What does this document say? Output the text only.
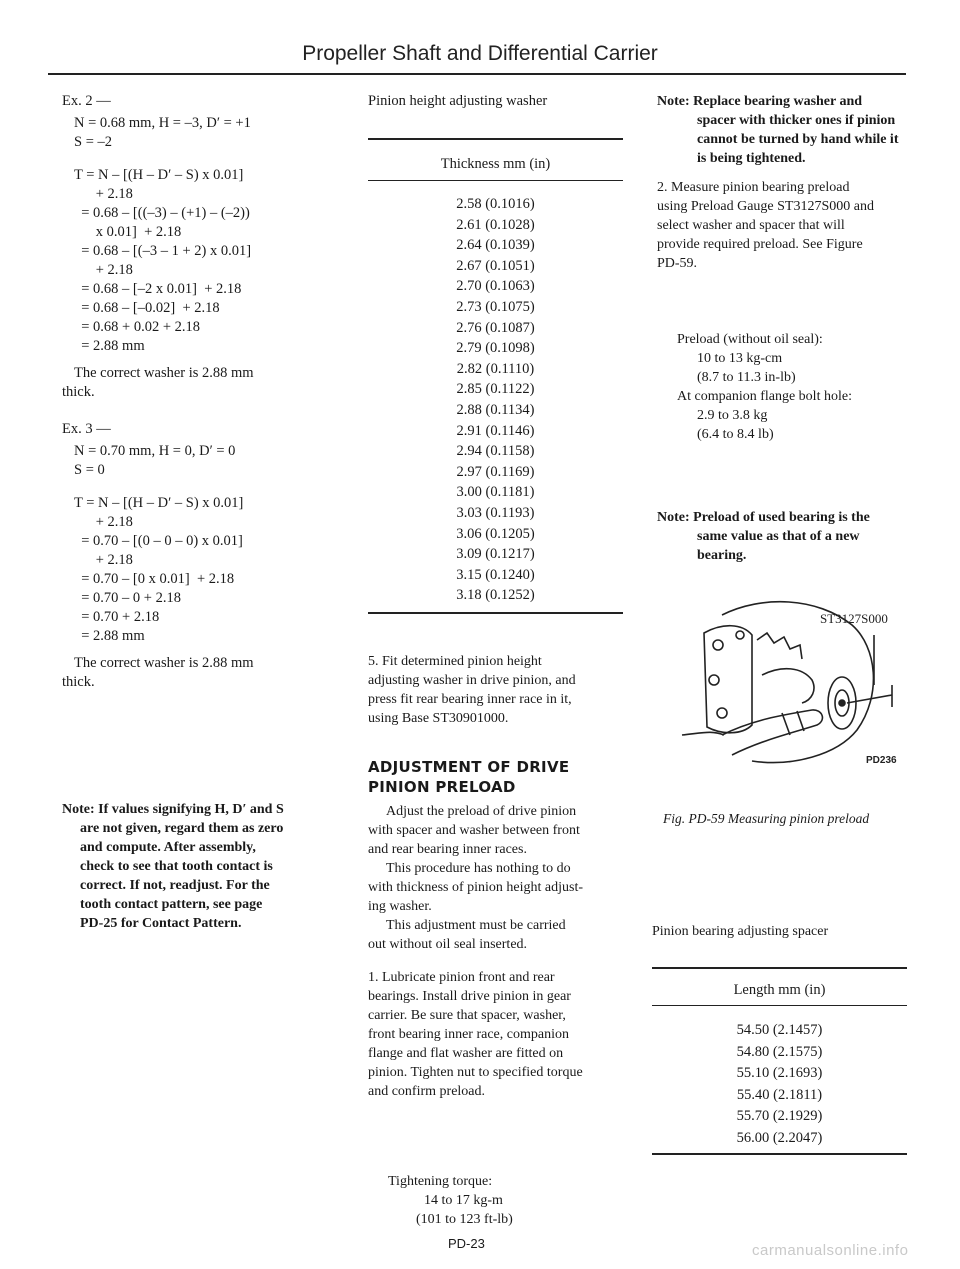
Propeller Shaft and Differential Carrier
Ex. 2 —
N = 0.68 mm, H = –3, D′ = +1
S = –2
T = N – [(H – D′ – S) x 0.01]
+ 2.18
= 0.68 – [((–3) – (+1) – (–2))
x 0.01]  + 2.18
= 0.68 – [(–3 – 1 + 2) x 0.01]
+ 2.18
= 0.68 – [–2 x 0.01]  + 2.18
= 0.68 – [–0.02]  + 2.18
= 0.68 + 0.02 + 2.18
= 2.88 mm
The correct washer is 2.88 mm
thick.
Ex. 3 —
N = 0.70 mm, H = 0, D′ = 0
S = 0
T = N – [(H – D′ – S) x 0.01]
+ 2.18
= 0.70 – [(0 – 0 – 0) x 0.01]
+ 2.18
= 0.70 – [0 x 0.01]  + 2.18
= 0.70 – 0 + 2.18
= 0.70 + 2.18
= 2.88 mm
The correct washer is 2.88 mm
thick.
Note: If values signifying H, D′ and S
are not given, regard them as zero
and compute. After assembly,
check to see that tooth contact is
correct. If not, readjust. For the
tooth contact pattern, see page
PD-25 for Contact Pattern.
Pinion height adjusting washer
Thickness mm (in)
2.58 (0.1016)
2.61 (0.1028)
2.64 (0.1039)
2.67 (0.1051)
2.70 (0.1063)
2.73 (0.1075)
2.76 (0.1087)
2.79 (0.1098)
2.82 (0.1110)
2.85 (0.1122)
2.88 (0.1134)
2.91 (0.1146)
2.94 (0.1158)
2.97 (0.1169)
3.00 (0.1181)
3.03 (0.1193)
3.06 (0.1205)
3.09 (0.1217)
3.15 (0.1240)
3.18 (0.1252)
5. Fit determined pinion height
adjusting washer in drive pinion, and
press fit rear bearing inner race in it,
using Base ST30901000.
ADJUSTMENT OF DRIVE
PINION PRELOAD
Adjust the preload of drive pinion
with spacer and washer between front
and rear bearing inner races.
This procedure has nothing to do
with thickness of pinion height adjust-
ing washer.
This adjustment must be carried
out without oil seal inserted.
1. Lubricate pinion front and rear
bearings. Install drive pinion in gear
carrier. Be sure that spacer, washer,
front bearing inner race, companion
flange and flat washer are fitted on
pinion. Tighten nut to specified torque
and confirm preload.
Tightening torque:
14 to 17 kg-m
(101 to 123 ft-lb)
PD-23
Note: Replace bearing washer and
spacer with thicker ones if pinion
cannot be turned by hand while it
is being tightened.
2. Measure pinion bearing preload
using Preload Gauge ST3127S000 and
select washer and spacer that will
provide required preload. See Figure
PD-59.
Preload (without oil seal):
10 to 13 kg-cm
(8.7 to 11.3 in-lb)
At companion flange bolt hole:
2.9 to 3.8 kg
(6.4 to 8.4 lb)
Note: Preload of used bearing is the
same value as that of a new bearing.
ST3127S000
PD236
Fig. PD-59 Measuring pinion preload
Pinion bearing adjusting spacer
Length mm (in)
54.50 (2.1457)
54.80 (2.1575)
55.10 (2.1693)
55.40 (2.1811)
55.70 (2.1929)
56.00 (2.2047)
carmanualsonline.info
